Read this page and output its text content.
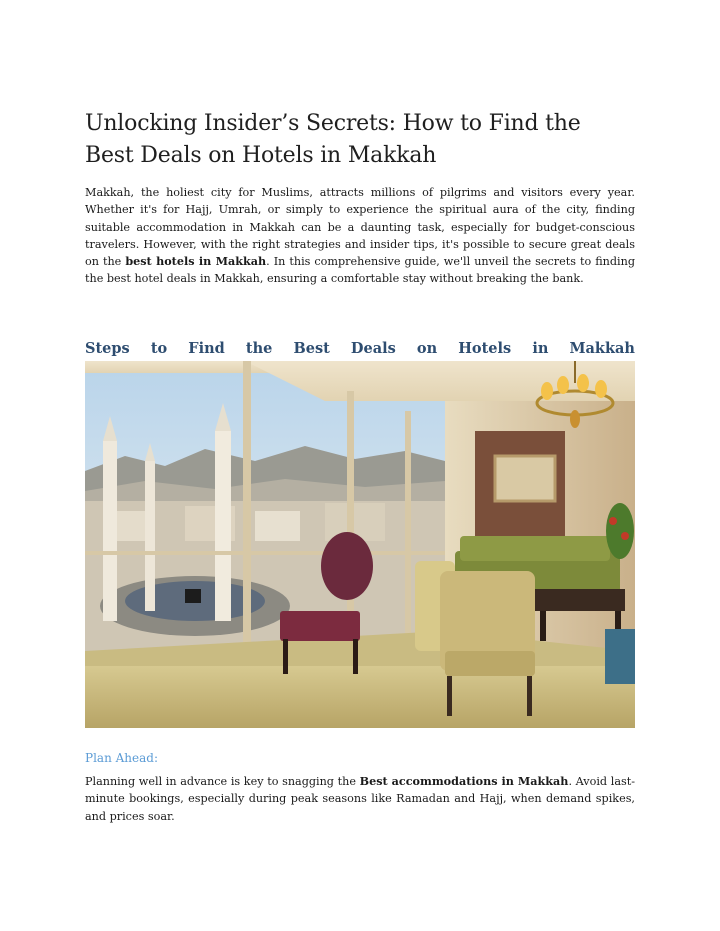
Unlocking Insider’s Secrets: How to Find the Best Deals on Hotels in Makkah

Makkah, the holiest city for Muslims, attracts millions of pilgrims and visitors every year. Whether it's for Hajj, Umrah, or simply to experience the spiritual aura of the city, finding suitable accommodation in Makkah can be a daunting task, especially for budget-conscious travelers. However, with the right strategies and insider tips, it's possible to secure great deals on the best hotels in Makkah. In this comprehensive guide, we'll unveil the secrets to finding the best hotel deals in Makkah, ensuring a comfortable stay without breaking the bank.

Steps to Find the Best Deals on Hotels in Makkah
Plan Ahead:

Planning well in advance is key to snagging the Best accommodations in Makkah. Avoid last-minute bookings, especially during peak seasons like Ramadan and Hajj, when demand spikes, and prices soar.
